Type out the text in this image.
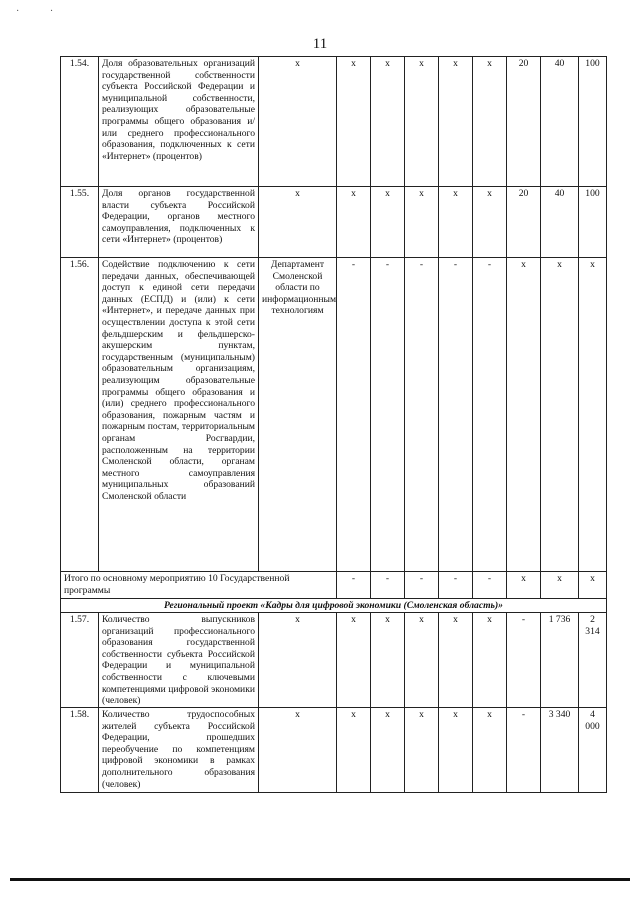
· ·
11
1.54.	Доля образовательных организаций государственной собственности субъекта Российской Федерации и муниципальной собственности, реализующих образовательные программы общего образования и/или среднего профессионального образования, подключенных к сети «Интернет» (процентов)	х	х	х	х	х	х	20	40	100
1.55.	Доля органов государственной власти субъекта Российской Федерации, органов местного самоуправления, подключенных к сети «Интернет» (процентов)	х	х	х	х	х	х	20	40	100
1.56.	Содействие подключению к сети передачи данных, обеспечивающей доступ к единой сети передачи данных (ЕСПД) и (или) к сети «Интернет», и передаче данных при осуществлении доступа к этой сети фельдшерским и фельдшерско-акушерским пунктам, государственным (муниципальным) образовательным организациям, реализующим образовательные программы общего образования и (или) среднего профессионального образования, пожарным частям и пожарным постам, территориальным органам Росгвардии, расположенным на территории Смоленской области, органам местного самоуправления муниципальных образований Смоленской области	Департамент Смоленской области по информационным технологиям	-	-	-	-	-	х	х	х
Итого по основному мероприятию 10 Государственной программы			-	-	-	-	-	х	х	х
Региональный проект «Кадры для цифровой экономики (Смоленская область)»										
1.57.	Количество выпускников организаций профессионального образования государственной собственности субъекта Российской Федерации и муниципальной собственности с ключевыми компетенциями цифровой экономики (человек)	х	х	х	х	х	х	-	1 736	2 314
1.58.	Количество трудоспособных жителей субъекта Российской Федерации, прошедших переобучение по компетенциям цифровой экономики в рамках дополнительного образования (человек)	х	х	х	х	х	х	-	3 340	4 000
